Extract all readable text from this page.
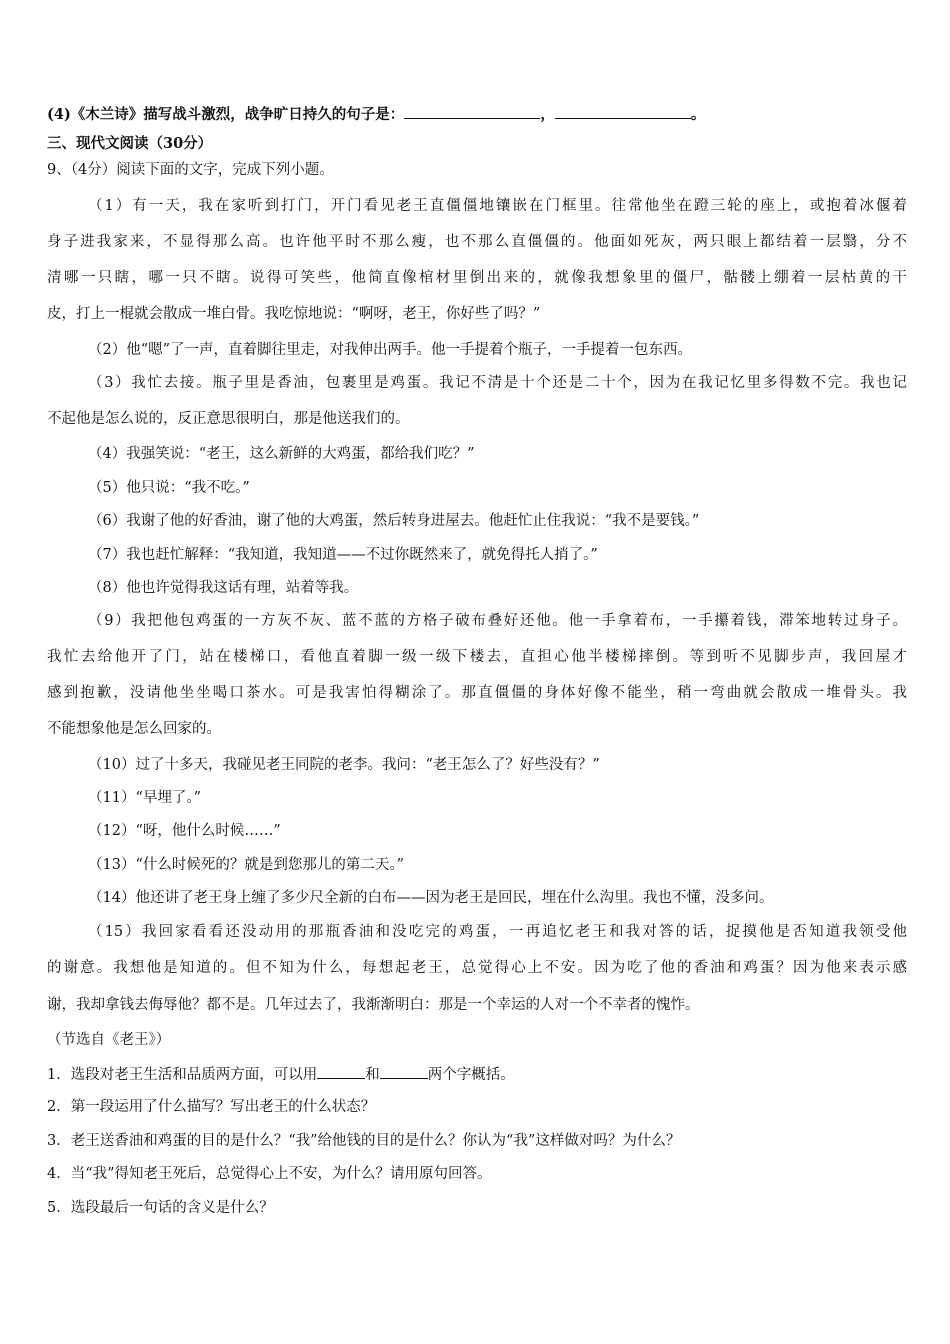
(4)《木兰诗》描写战斗激烈，战争旷日持久的句子是：	，	。
三、现代文阅读（30分）
9、（4分）阅读下面的文字，完成下列小题。
（1）有一天，我在家听到打门，开门看见老王直僵僵地镶嵌在门框里。往常他坐在蹬三轮的座上，或抱着冰偃着
身子进我家来，不显得那么高。也许他平时不那么瘦，也不那么直僵僵的。他面如死灰，两只眼上都结着一层翳，分不
清哪一只瞎，哪一只不瞎。说得可笑些，他简直像棺材里倒出来的，就像我想象里的僵尸，骷髅上绷着一层枯黄的干
皮，打上一棍就会散成一堆白骨。我吃惊地说：“啊呀，老王，你好些了吗？”
（2）他“嗯”了一声，直着脚往里走，对我伸出两手。他一手提着个瓶子，一手提着一包东西。
（3）我忙去接。瓶子里是香油，包裹里是鸡蛋。我记不清是十个还是二十个，因为在我记忆里多得数不完。我也记
不起他是怎么说的，反正意思很明白，那是他送我们的。
（4）我强笑说：“老王，这么新鲜的大鸡蛋，都给我们吃？”
（5）他只说：“我不吃。”
（6）我谢了他的好香油，谢了他的大鸡蛋，然后转身进屋去。他赶忙止住我说：“我不是要钱。”
（7）我也赶忙解释：“我知道，我知道——不过你既然来了，就免得托人捎了。”
（8）他也许觉得我这话有理，站着等我。
（9）我把他包鸡蛋的一方灰不灰、蓝不蓝的方格子破布叠好还他。他一手拿着布，一手攥着钱，滞笨地转过身子。
我忙去给他开了门，站在楼梯口，看他直着脚一级一级下楼去，直担心他半楼梯摔倒。等到听不见脚步声，我回屋才
感到抱歉，没请他坐坐喝口茶水。可是我害怕得糊涂了。那直僵僵的身体好像不能坐，稍一弯曲就会散成一堆骨头。我
不能想象他是怎么回家的。
（10）过了十多天，我碰见老王同院的老李。我问：“老王怎么了？好些没有？”
（11）“早埋了。”
（12）“呀，他什么时候……”
（13）“什么时候死的？就是到您那儿的第二天。”
（14）他还讲了老王身上缠了多少尺全新的白布——因为老王是回民，埋在什么沟里。我也不懂，没多问。
（15）我回家看看还没动用的那瓶香油和没吃完的鸡蛋，一再追忆老王和我对答的话，捉摸他是否知道我领受他
的谢意。我想他是知道的。但不知为什么，每想起老王，总觉得心上不安。因为吃了他的香油和鸡蛋？因为他来表示感
谢，我却拿钱去侮辱他？都不是。几年过去了，我渐渐明白：那是一个幸运的人对一个不幸者的愧怍。
（节选自《老王》）
1．选段对老王生活和品质两方面，可以用	和	两个字概括。
2．第一段运用了什么描写？写出老王的什么状态？
3．老王送香油和鸡蛋的目的是什么？“我”给他钱的目的是什么？你认为“我”这样做对吗？为什么？
4．当“我”得知老王死后，总觉得心上不安，为什么？请用原句回答。
5．选段最后一句话的含义是什么？
